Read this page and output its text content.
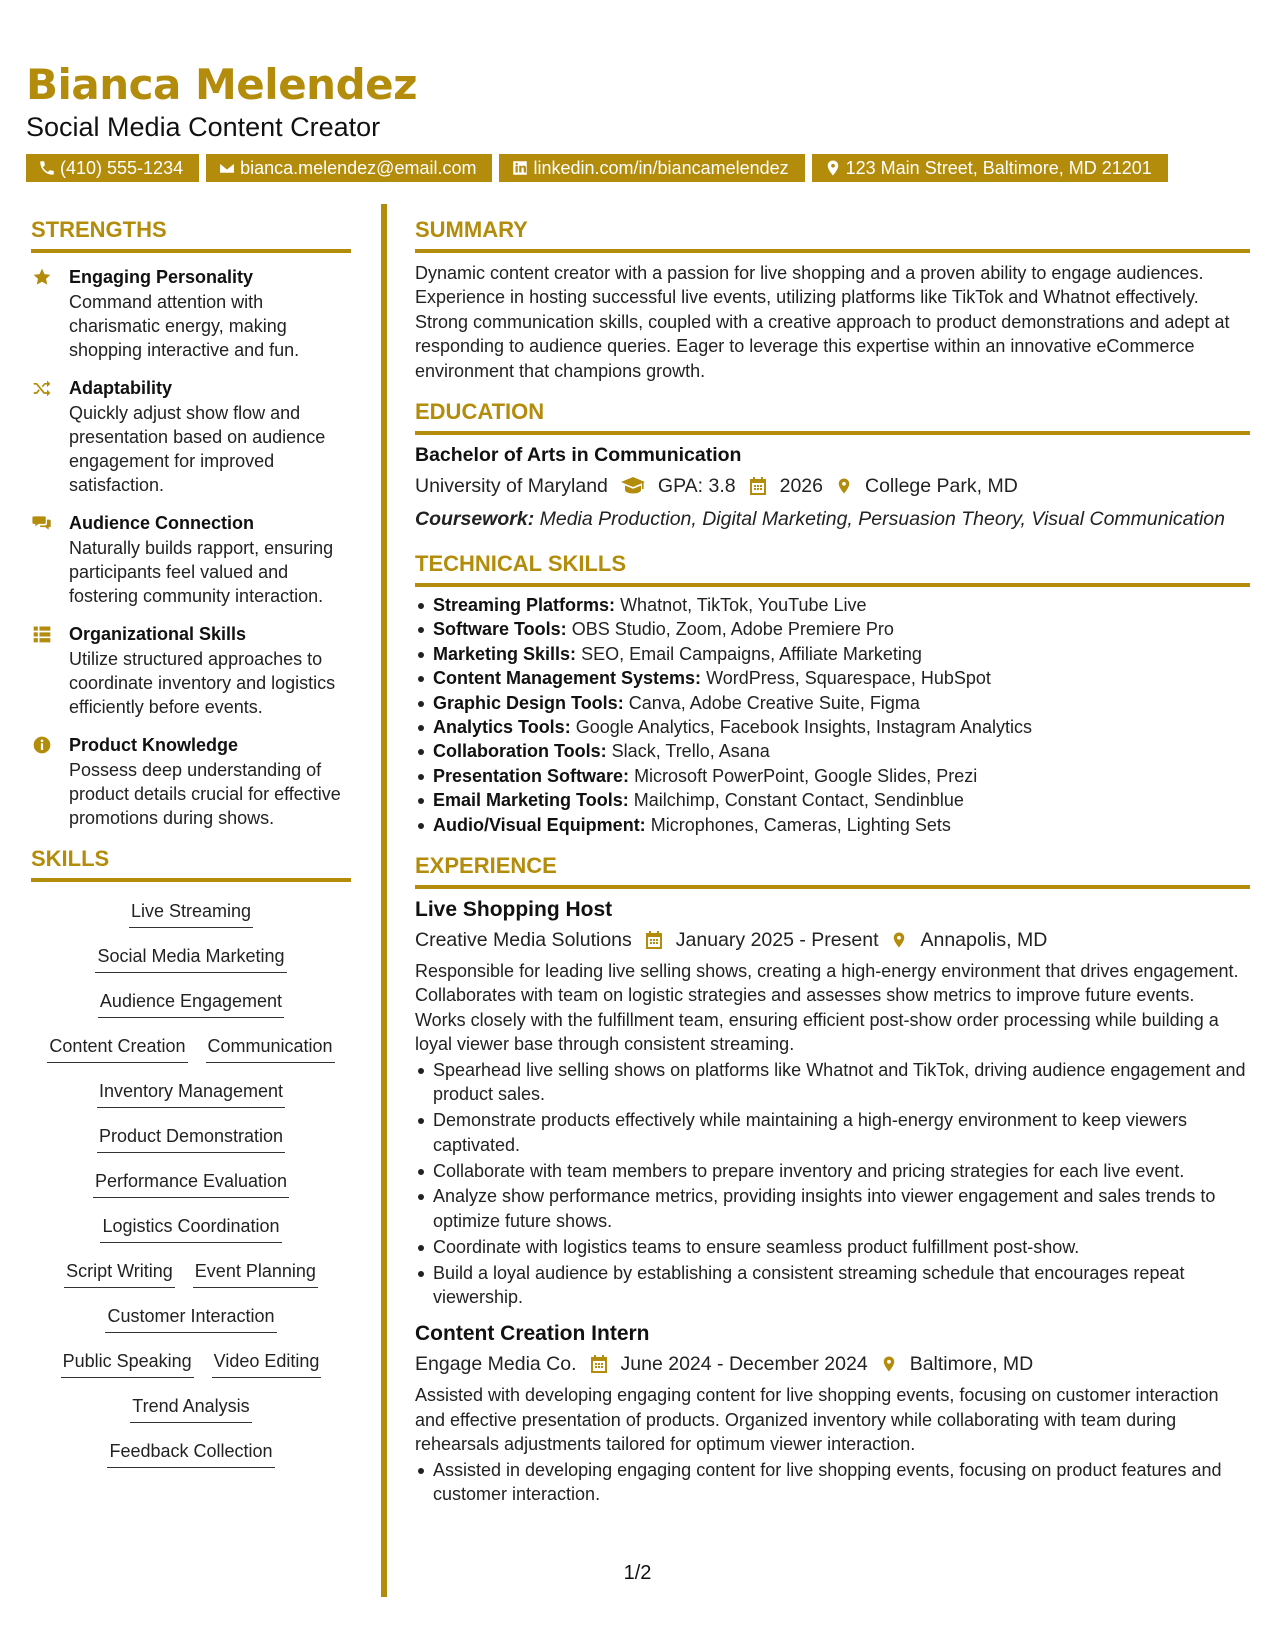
Bianca Melendez
Social Media Content Creator
(410) 555-1234	bianca.melendez@email.com	linkedin.com/in/biancamelendez	123 Main Street, Baltimore, MD 21201
STRENGTHS
Engaging Personality
Command attention with charismatic energy, making shopping interactive and fun.
Adaptability
Quickly adjust show flow and presentation based on audience engagement for improved satisfaction.
Audience Connection
Naturally builds rapport, ensuring participants feel valued and fostering community interaction.
Organizational Skills
Utilize structured approaches to coordinate inventory and logistics efficiently before events.
Product Knowledge
Possess deep understanding of product details crucial for effective promotions during shows.
SKILLS
Live Streaming
Social Media Marketing
Audience Engagement
Content Creation Communication
Inventory Management
Product Demonstration
Performance Evaluation
Logistics Coordination
Script Writing Event Planning
Customer Interaction
Public Speaking Video Editing
Trend Analysis
Feedback Collection
SUMMARY
Dynamic content creator with a passion for live shopping and a proven ability to engage audiences. Experience in hosting successful live events, utilizing platforms like TikTok and Whatnot effectively. Strong communication skills, coupled with a creative approach to product demonstrations and adept at responding to audience queries. Eager to leverage this expertise within an innovative eCommerce environment that champions growth.
EDUCATION
Bachelor of Arts in Communication
University of Maryland	GPA: 3.8 2026 College Park, MD
Coursework: Media Production, Digital Marketing, Persuasion Theory, Visual Communication
TECHNICAL SKILLS
Streaming Platforms: Whatnot, TikTok, YouTube Live
Software Tools: OBS Studio, Zoom, Adobe Premiere Pro
Marketing Skills: SEO, Email Campaigns, Affiliate Marketing
Content Management Systems: WordPress, Squarespace, HubSpot
Graphic Design Tools: Canva, Adobe Creative Suite, Figma
Analytics Tools: Google Analytics, Facebook Insights, Instagram Analytics
Collaboration Tools: Slack, Trello, Asana
Presentation Software: Microsoft PowerPoint, Google Slides, Prezi
Email Marketing Tools: Mailchimp, Constant Contact, Sendinblue
Audio/Visual Equipment: Microphones, Cameras, Lighting Sets
EXPERIENCE
Live Shopping Host
Creative Media Solutions January 2025 - Present Annapolis, MD
Responsible for leading live selling shows, creating a high-energy environment that drives engagement. Collaborates with team on logistic strategies and assesses show metrics to improve future events. Works closely with the fulfillment team, ensuring efficient post-show order processing while building a loyal viewer base through consistent streaming.
Spearhead live selling shows on platforms like Whatnot and TikTok, driving audience engagement and product sales.
Demonstrate products effectively while maintaining a high-energy environment to keep viewers captivated.
Collaborate with team members to prepare inventory and pricing strategies for each live event.
Analyze show performance metrics, providing insights into viewer engagement and sales trends to optimize future shows.
Coordinate with logistics teams to ensure seamless product fulfillment post-show.
Build a loyal audience by establishing a consistent streaming schedule that encourages repeat viewership.
Content Creation Intern
Engage Media Co. June 2024 - December 2024 Baltimore, MD
Assisted with developing engaging content for live shopping events, focusing on customer interaction and effective presentation of products. Organized inventory while collaborating with team during rehearsals adjustments tailored for optimum viewer interaction.
Assisted in developing engaging content for live shopping events, focusing on product features and customer interaction.
1/2
